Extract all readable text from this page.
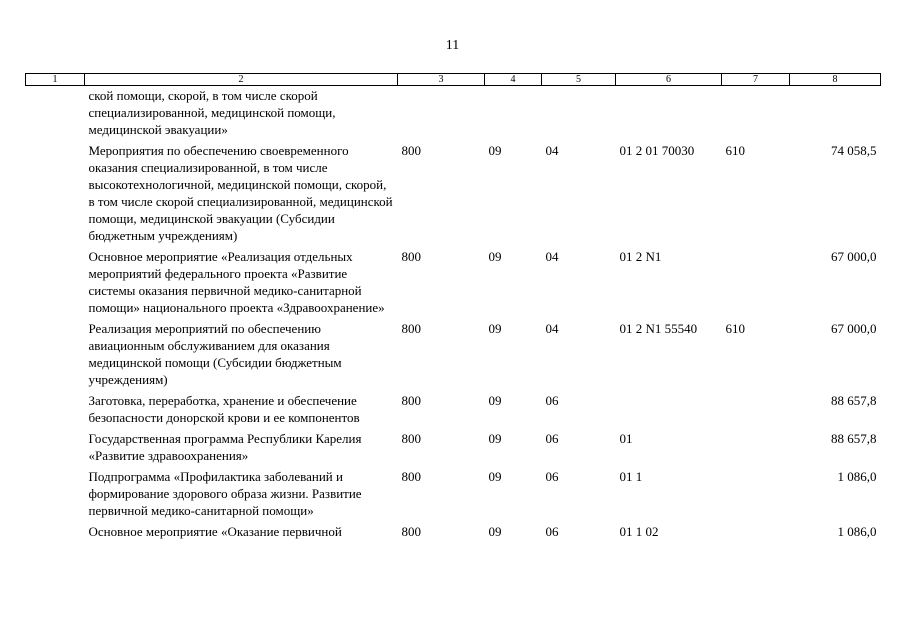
11
1	2	3	4	5	6	7	8
	ской помощи, скорой, в том числе скорой специализированной, медицинской помощи, медицинской эвакуации»						
	Мероприятия по обеспечению своевременного оказания специализированной, в том числе высокотехнологичной, медицинской помощи, скорой, в том числе скорой специализированной, медицинской помощи, медицинской эвакуации (Субсидии бюджетным учреждениям)	800	09	04	01 2 01 70030	610	74 058,5
	Основное мероприятие «Реализация отдельных мероприятий федерального проекта «Развитие системы оказания первичной медико-санитарной помощи» национального проекта «Здравоохранение»	800	09	04	01 2 N1		67 000,0
	Реализация мероприятий по обеспечению авиационным обслуживанием для оказания медицинской помощи (Субсидии бюджетным учреждениям)	800	09	04	01 2 N1 55540	610	67 000,0
	Заготовка, переработка, хранение и обеспечение безопасности донорской крови и ее компонентов	800	09	06			88 657,8
	Государственная программа Республики Карелия «Развитие здравоохранения»	800	09	06	01		88 657,8
	Подпрограмма «Профилактика заболеваний и формирование здорового образа жизни. Развитие первичной медико-санитарной помощи»	800	09	06	01 1		1 086,0
	Основное мероприятие «Оказание первичной	800	09	06	01 1 02		1 086,0
